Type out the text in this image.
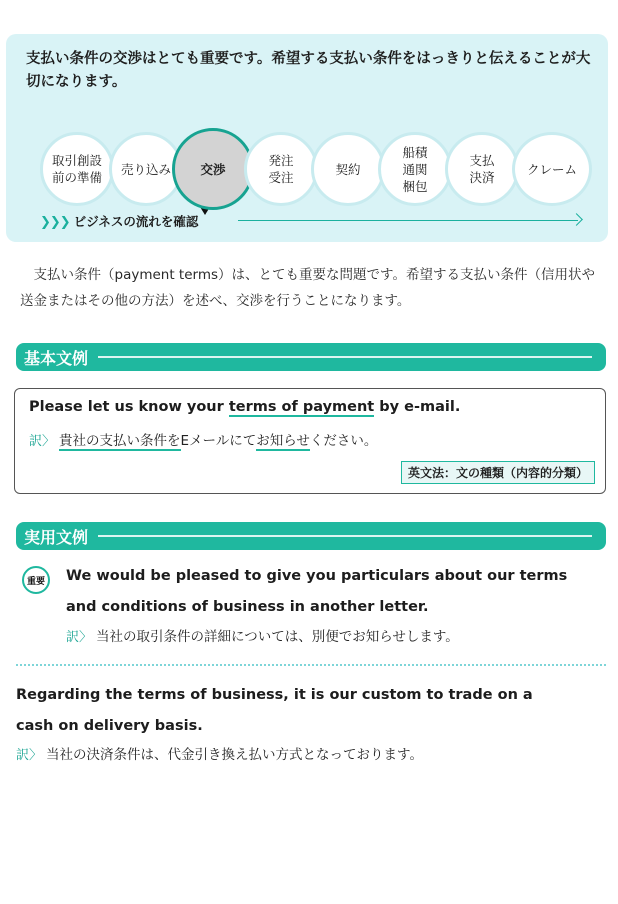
支払い条件の交渉はとても重要です。希望する支払い条件をはっきりと伝えることが大切になります。
取引創設
前の準備
売り込み	交渉
発注
受注
契約
船積
通関
梱包
支払
決済
クレーム
❯❯❯ ビジネスの流れを確認
支払い条件（payment terms）は、とても重要な問題です。希望する支払い条件（信用状や送金またはその他の方法）を述べ、交渉を行うことになります。
基本文例
Please let us know your terms of payment by e-mail.
訳〉 貴社の支払い条件をEメールにてお知らせください。
英文法：文の種類（内容的分類）
実用文例
重要	We would be pleased to give you particulars about our terms
and conditions of business in another letter.
訳〉 当社の取引条件の詳細については、別便でお知らせします。
Regarding the terms of business, it is our custom to trade on a
cash on delivery basis.
訳〉 当社の決済条件は、代金引き換え払い方式となっております。
